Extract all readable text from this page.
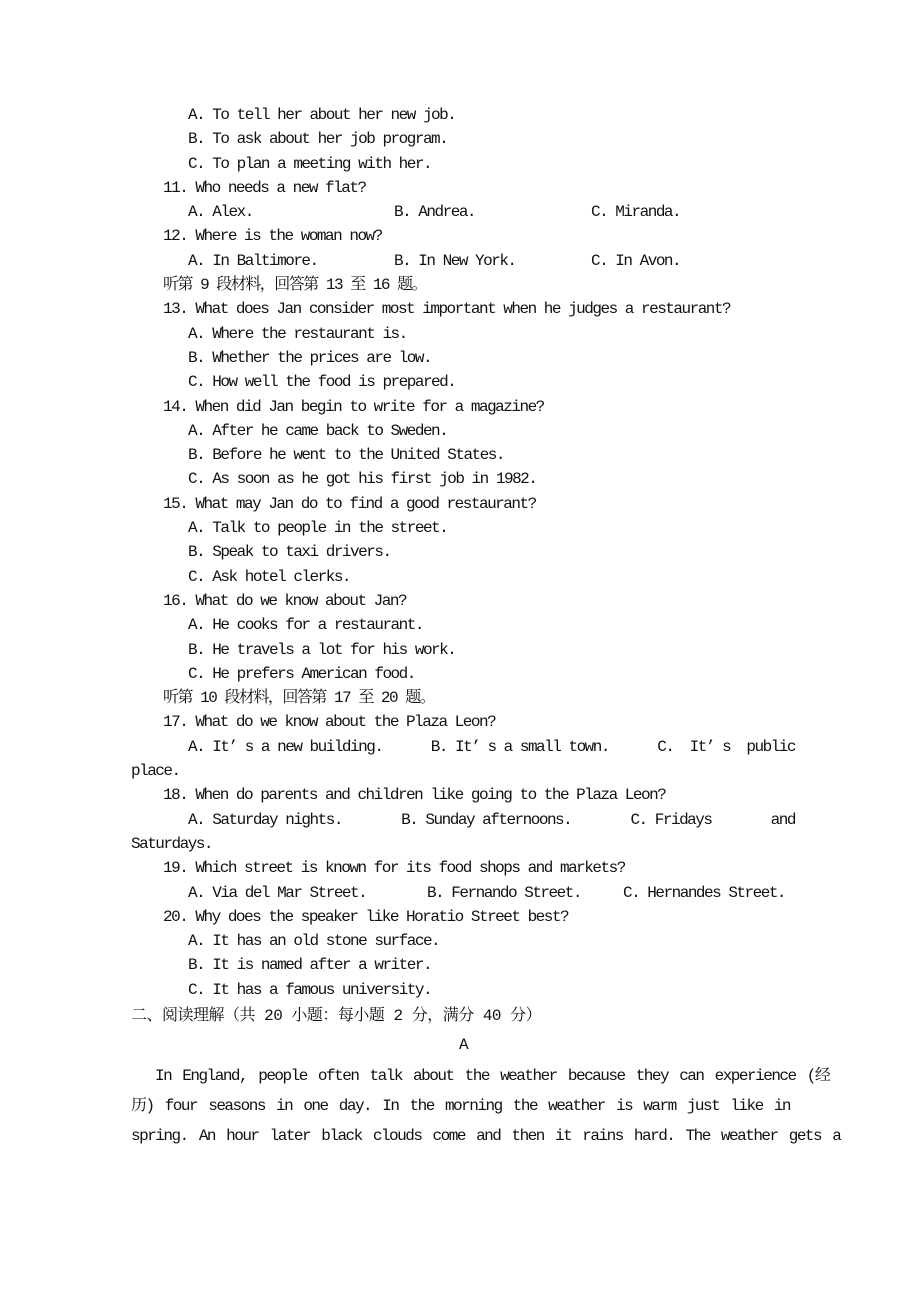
A. To tell her about her new job.
B. To ask about her job program.
C. To plan a meeting with her.
11. Who needs a new flat?
A. Alex.	B. Andrea.	C. Miranda.
12. Where is the woman now?
A. In Baltimore.	B. In New York.	C. In Avon.
听第 9 段材料，回答第 13 至 16 题。
13. What does Jan consider most important when he judges a restaurant?
A. Where the restaurant is.
B. Whether the prices are low.
C. How well the food is prepared.
14. When did Jan begin to write for a magazine?
A. After he came back to Sweden.
B. Before he went to the United States.
C. As soon as he got his first job in 1982.
15. What may Jan do to find a good restaurant?
A. Talk to people in the street.
B. Speak to taxi drivers.
C. Ask hotel clerks.
16. What do we know about Jan?
A. He cooks for a restaurant.
B. He travels a lot for his work.
C. He prefers American food.
听第 10 段材料，回答第 17 至 20 题。
17. What do we know about the Plaza Leon?
A. It’ s a new building.	B. It’ s a small town.	C.  It’ s  public
place.
18. When do parents and children like going to the Plaza Leon?
A. Saturday nights.	B. Sunday afternoons.	C. Fridays	and
Saturdays.
19. Which street is known for its food shops and markets?
A. Via del Mar Street.	B. Fernando Street.	C. Hernandes Street.
20. Why does the speaker like Horatio Street best?
A. It has an old stone surface.
B. It is named after a writer.
C. It has a famous university.
二、阅读理解（共 20 小题：每小题 2 分，满分 40 分）
A
In England, people often talk about the weather because they can experience (经
历) four seasons in one day. In the morning the weather is warm just like in
spring. An hour later black clouds come and then it rains hard. The weather gets a
